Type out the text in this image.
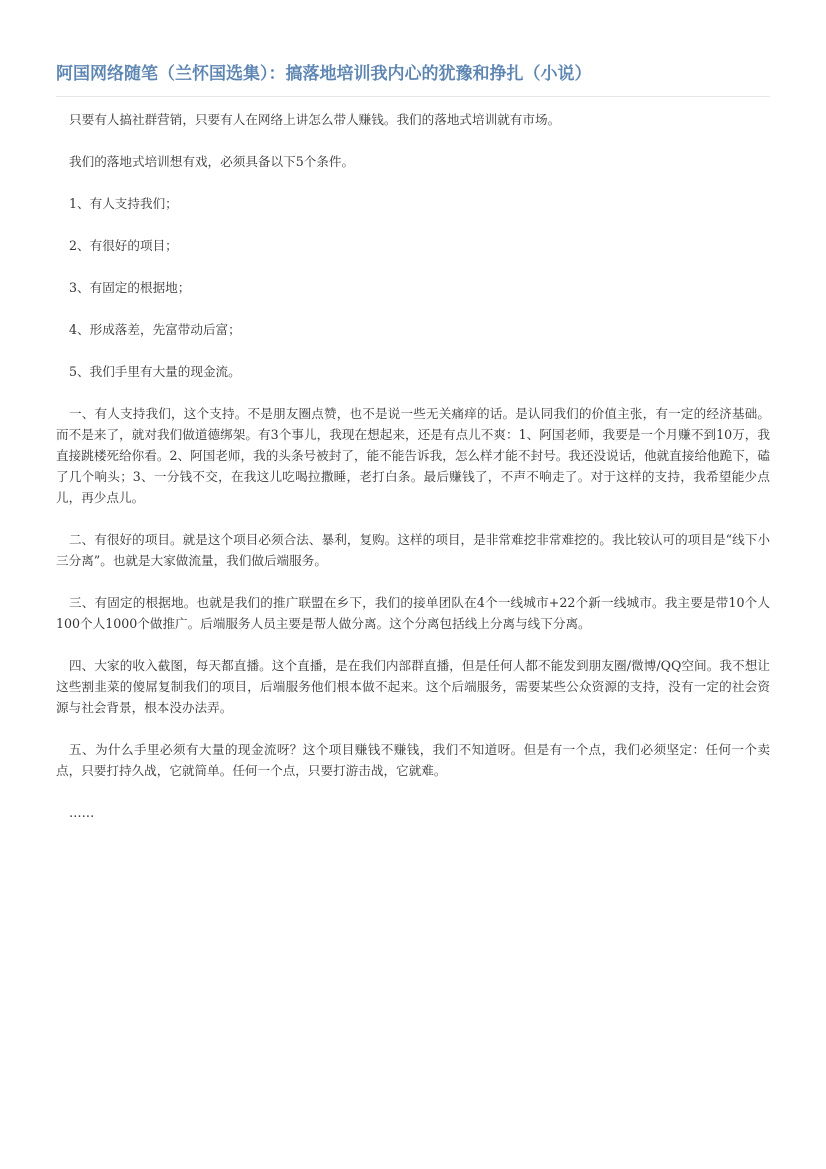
阿国网络随笔（兰怀国选集）：搞落地培训我内心的犹豫和挣扎（小说）

只要有人搞社群营销，只要有人在网络上讲怎么带人赚钱。我们的落地式培训就有市场。

我们的落地式培训想有戏，必须具备以下5个条件。

1、有人支持我们；

2、有很好的项目；

3、有固定的根据地；

4、形成落差，先富带动后富；

5、我们手里有大量的现金流。

一、有人支持我们，这个支持。不是朋友圈点赞，也不是说一些无关痛痒的话。是认同我们的价值主张，有一定的经济基础。而不是来了，就对我们做道德绑架。有3个事儿，我现在想起来，还是有点儿不爽：1、阿国老师，我要是一个月赚不到10万，我直接跳楼死给你看。2、阿国老师，我的头条号被封了，能不能告诉我，怎么样才能不封号。我还没说话，他就直接给他跪下，磕了几个响头；3、一分钱不交，在我这儿吃喝拉撒睡，老打白条。最后赚钱了，不声不响走了。对于这样的支持，我希望能少点儿，再少点儿。

二、有很好的项目。就是这个项目必须合法、暴利，复购。这样的项目，是非常难挖非常难挖的。我比较认可的项目是“线下小三分离”。也就是大家做流量，我们做后端服务。

三、有固定的根据地。也就是我们的推广联盟在乡下，我们的接单团队在4个一线城市+22个新一线城市。我主要是带10个人100个人1000个做推广。后端服务人员主要是帮人做分离。这个分离包括线上分离与线下分离。

四、大家的收入截图，每天都直播。这个直播，是在我们内部群直播，但是任何人都不能发到朋友圈/微博/QQ空间。我不想让这些割韭菜的傻屌复制我们的项目，后端服务他们根本做不起来。这个后端服务，需要某些公众资源的支持，没有一定的社会资源与社会背景，根本没办法弄。

五、为什么手里必须有大量的现金流呀？这个项目赚钱不赚钱，我们不知道呀。但是有一个点，我们必须坚定：任何一个卖点，只要打持久战，它就简单。任何一个点，只要打游击战，它就难。

……
